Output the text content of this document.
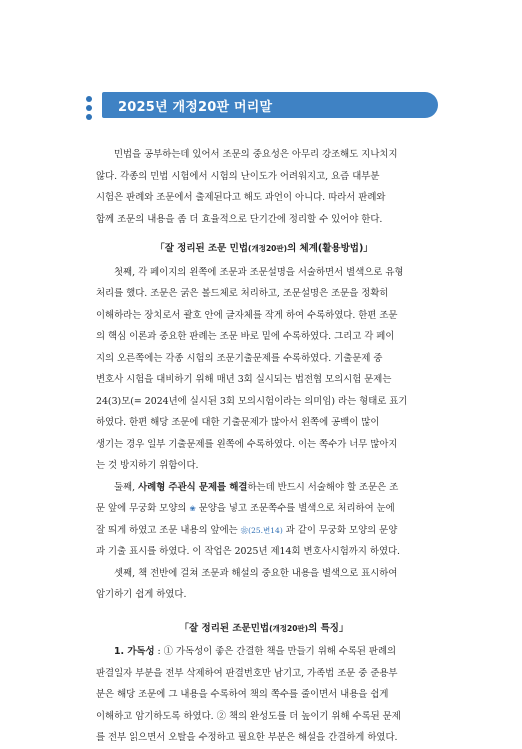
2025년 개정20판 머리말

민법을 공부하는데 있어서 조문의 중요성은 아무리 강조해도 지나치지

않다. 각종의 민법 시험에서 시험의 난이도가 어려워지고, 요즘 대부분

시험은 판례와 조문에서 출제된다고 해도 과언이 아니다. 따라서 판례와

함께 조문의 내용을 좀 더 효율적으로 단기간에 정리할 수 있어야 한다.

「잘 정리된 조문 민법(개정20판)의 체계(활용방법)」

첫째, 각 페이지의 왼쪽에 조문과 조문설명을 서술하면서 별색으로 유형

처리를 했다. 조문은 굵은 볼드체로 처리하고, 조문설명은 조문을 정확히

이해하라는 장치로서 괄호 안에 글자체를 작게 하여 수록하였다. 한편 조문

의 핵심 이론과 중요한 판례는 조문 바로 밑에 수록하였다. 그리고 각 페이

지의 오른쪽에는 각종 시험의 조문기출문제를 수록하였다. 기출문제 중

변호사 시험을 대비하기 위해 매년 3회 실시되는 법전협 모의시험 문제는

24(3)모(= 2024년에 실시된 3회 모의시험이라는 의미임) 라는 형태로 표기

하였다. 한편 해당 조문에 대한 기출문제가 많아서 왼쪽에 공백이 많이

생기는 경우 일부 기출문제를 왼쪽에 수록하였다. 이는 쪽수가 너무 많아지

는 것 방지하기 위함이다.

둘째, 사례형 주관식 문제를 해결하는데 반드시 서술해야 할 조문은 조

문 앞에 무궁화 모양의 ❀ 문양을 넣고 조문쪽수를 별색으로 처리하여 눈에

잘 띄게 하였고 조문 내용의 앞에는 ❀(25.변14) 과 같이 무궁화 모양의 문양

과 기출 표시를 하였다. 이 작업은 2025년 제14회 변호사시험까지 하였다.

셋째, 책 전반에 걸쳐 조문과 해설의 중요한 내용을 별색으로 표시하여

암기하기 쉽게 하였다.

「잘 정리된 조문민법(개정20판)의 특징」

1. 가독성 : ① 가독성이 좋은 간결한 책을 만들기 위해 수록된 판례의

판결일자 부분을 전부 삭제하여 판결번호만 남기고, 가족법 조문 중 준용부

분은 해당 조문에 그 내용을 수록하여 책의 쪽수를 줄이면서 내용을 쉽게

이해하고 암기하도록 하였다. ② 책의 완성도를 더 높이기 위해 수록된 문제

를 전부 읽으면서 오탈을 수정하고 필요한 부분은 해설을 간결하게 하였다.
